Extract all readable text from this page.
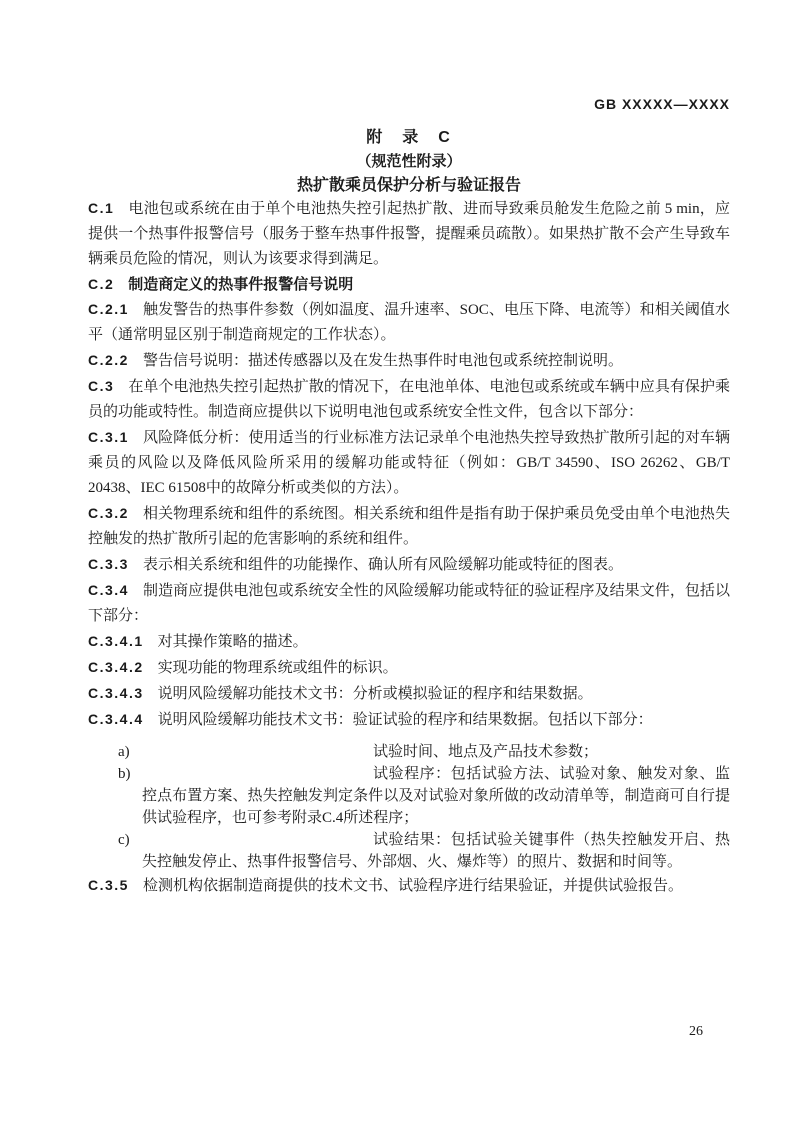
GB XXXXX—XXXX

附　录　C

（规范性附录）

热扩散乘员保护分析与验证报告

C.1 电池包或系统在由于单个电池热失控引起热扩散、进而导致乘员舱发生危险之前 5 min，应提供一个热事件报警信号（服务于整车热事件报警，提醒乘员疏散）。如果热扩散不会产生导致车辆乘员危险的情况，则认为该要求得到满足。

C.2 制造商定义的热事件报警信号说明

C.2.1 触发警告的热事件参数（例如温度、温升速率、SOC、电压下降、电流等）和相关阈值水平（通常明显区别于制造商规定的工作状态）。

C.2.2 警告信号说明：描述传感器以及在发生热事件时电池包或系统控制说明。

C.3 在单个电池热失控引起热扩散的情况下，在电池单体、电池包或系统或车辆中应具有保护乘员的功能或特性。制造商应提供以下说明电池包或系统安全性文件，包含以下部分：

C.3.1 风险降低分析：使用适当的行业标准方法记录单个电池热失控导致热扩散所引起的对车辆乘员的风险以及降低风险所采用的缓解功能或特征（例如：GB/T 34590、ISO 26262、GB/T 20438、IEC 61508中的故障分析或类似的方法）。

C.3.2 相关物理系统和组件的系统图。相关系统和组件是指有助于保护乘员免受由单个电池热失控触发的热扩散所引起的危害影响的系统和组件。

C.3.3 表示相关系统和组件的功能操作、确认所有风险缓解功能或特征的图表。

C.3.4 制造商应提供电池包或系统安全性的风险缓解功能或特征的验证程序及结果文件，包括以下部分：

C.3.4.1 对其操作策略的描述。

C.3.4.2 实现功能的物理系统或组件的标识。

C.3.4.3 说明风险缓解功能技术文书：分析或模拟验证的程序和结果数据。

C.3.4.4 说明风险缓解功能技术文书：验证试验的程序和结果数据。包括以下部分：

a)	试验时间、地点及产品技术参数；

b)	试验程序：包括试验方法、试验对象、触发对象、监控点布置方案、热失控触发判定条件以及对试验对象所做的改动清单等，制造商可自行提供试验程序，也可参考附录C.4所述程序；

c)	试验结果：包括试验关键事件（热失控触发开启、热失控触发停止、热事件报警信号、外部烟、火、爆炸等）的照片、数据和时间等。

C.3.5 检测机构依据制造商提供的技术文书、试验程序进行结果验证，并提供试验报告。

26
